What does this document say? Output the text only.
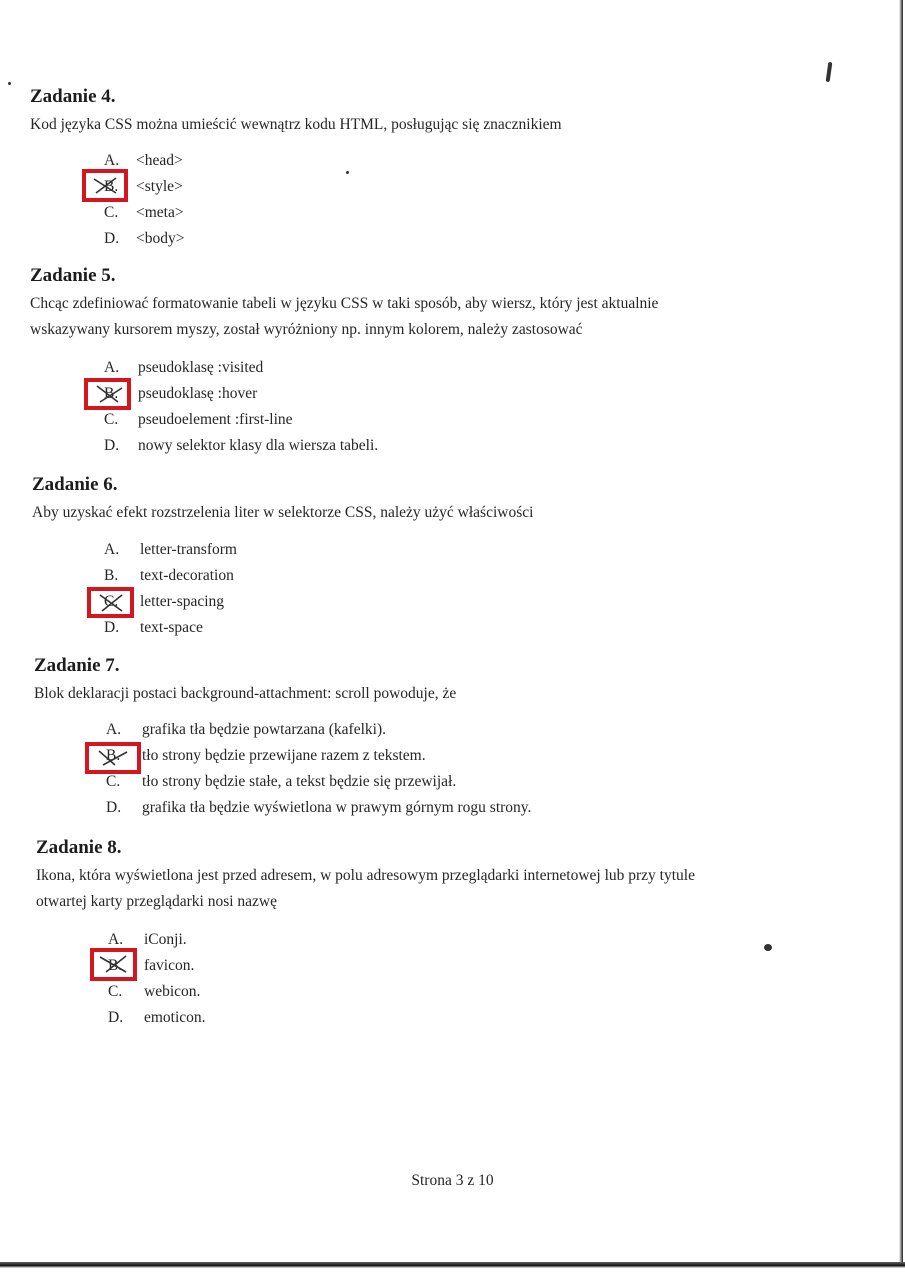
Zadanie 4.
Kod języka CSS można umieścić wewnątrz kodu HTML, posługując się znacznikiem
A.	<head>
B.	<style>
C.	<meta>
D.	<body>
Zadanie 5.
Chcąc zdefiniować formatowanie tabeli w języku CSS w taki sposób, aby wiersz, który jest aktualnie
wskazywany kursorem myszy, został wyróżniony np. innym kolorem, należy zastosować
A.	pseudoklasę :visited
B.	pseudoklasę :hover
C.	pseudoelement :first-line
D.	nowy selektor klasy dla wiersza tabeli.
Zadanie 6.
Aby uzyskać efekt rozstrzelenia liter w selektorze CSS, należy użyć właściwości
A.	letter-transform
B.	text-decoration
C.	letter-spacing
D.	text-space
Zadanie 7.
Blok deklaracji postaci background-attachment: scroll powoduje, że
A.	grafika tła będzie powtarzana (kafelki).
B.	tło strony będzie przewijane razem z tekstem.
C.	tło strony będzie stałe, a tekst będzie się przewijał.
D.	grafika tła będzie wyświetlona w prawym górnym rogu strony.
Zadanie 8.
Ikona, która wyświetlona jest przed adresem, w polu adresowym przeglądarki internetowej lub przy tytule
otwartej karty przeglądarki nosi nazwę
A.	iConji.
B.	favicon.
C.	webicon.
D.	emoticon.
Strona 3 z 10
